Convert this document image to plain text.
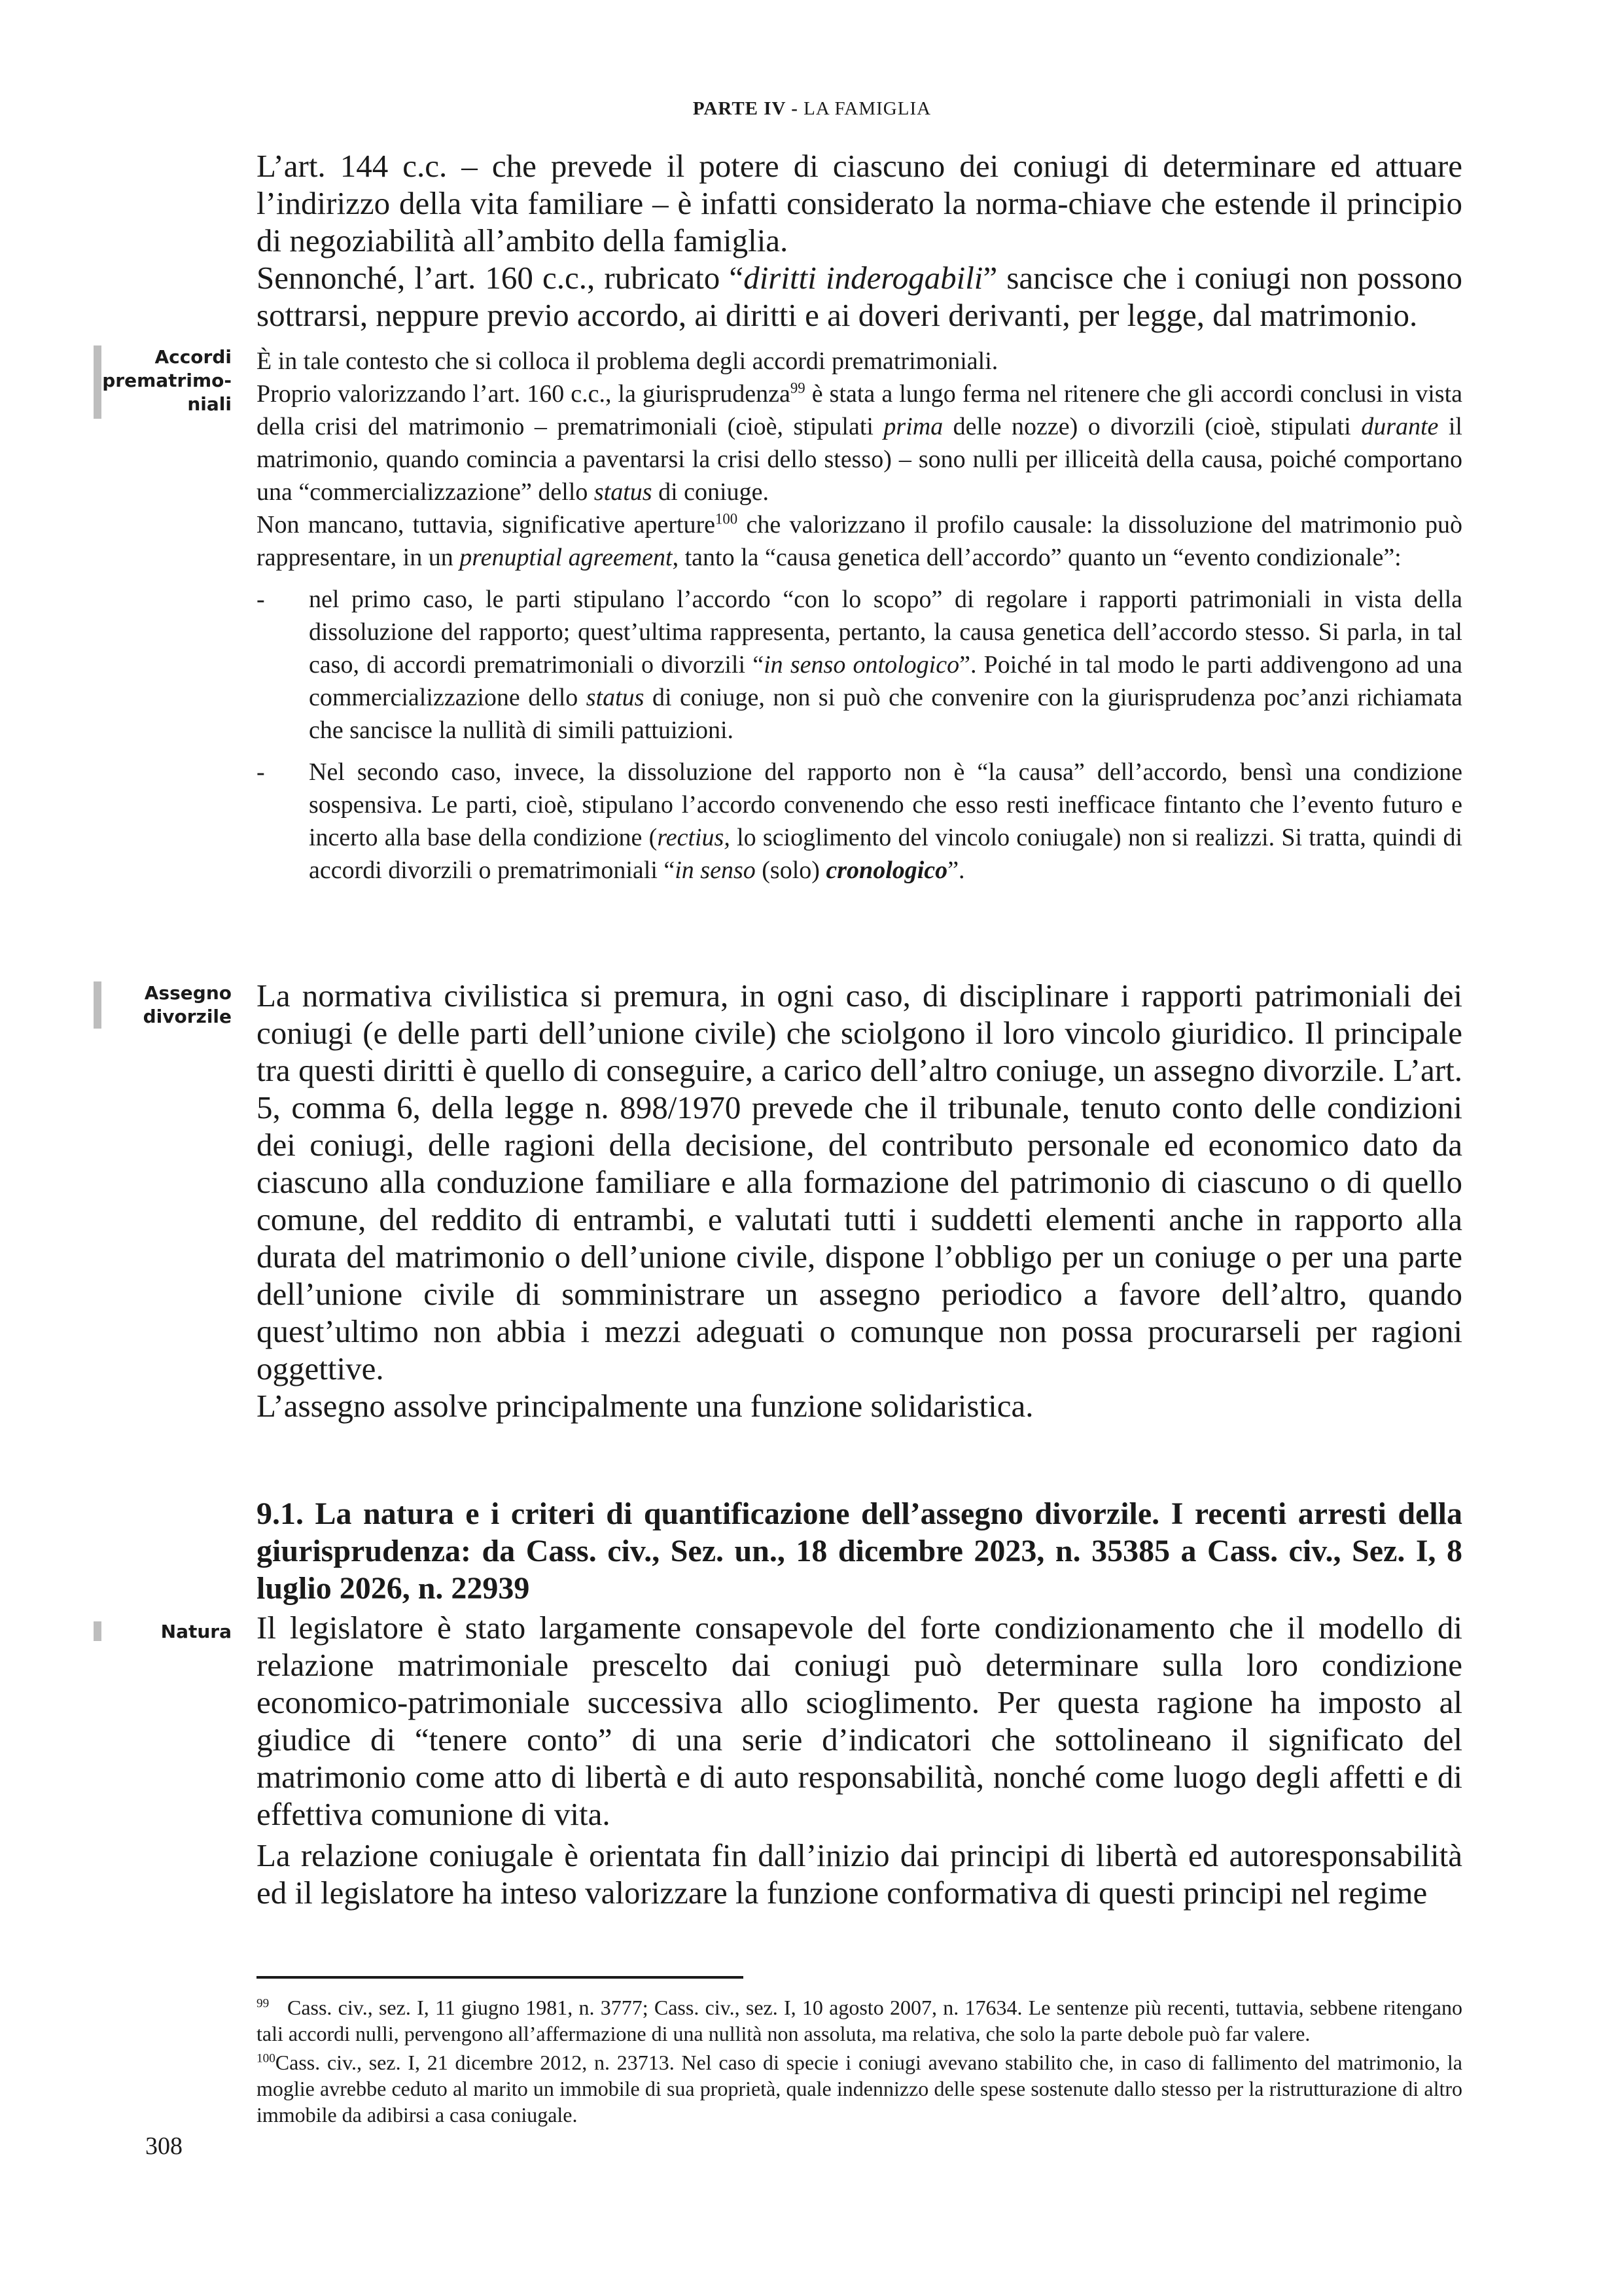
PARTE IV - LA FAMIGLIA

L’art. 144 c.c. – che prevede il potere di ciascuno dei coniugi di determinare ed attuare l’indirizzo della vita familiare – è infatti considerato la norma-chiave che estende il principio di negoziabilità all’ambito della famiglia.

Sennonché, l’art. 160 c.c., rubricato “diritti inderogabili” sancisce che i coniugi non possono sottrarsi, neppure previo accordo, ai diritti e ai doveri derivanti, per legge, dal matrimonio.

Accordi
prematrimo-
niali

È in tale contesto che si colloca il problema degli accordi prematrimoniali.

Proprio valorizzando l’art. 160 c.c., la giurisprudenza$^{99}$ è stata a lungo ferma nel ritenere che gli accordi conclusi in vista della crisi del matrimonio – prematrimoniali (cioè, stipulati prima delle nozze) o divorzili (cioè, stipulati durante il matrimonio, quando comincia a paventarsi la crisi dello stesso) – sono nulli per illiceità della causa, poiché comportano una “commercializzazione” dello status di coniuge.

Non mancano, tuttavia, significative aperture$^{100}$ che valorizzano il profilo causale: la dissoluzione del matrimonio può rappresentare, in un prenuptial agreement, tanto la “causa genetica dell’accordo” quanto un “evento condizionale”:

- nel primo caso, le parti stipulano l’accordo “con lo scopo” di regolare i rapporti patrimoniali in vista della dissoluzione del rapporto; quest’ultima rappresenta, pertanto, la causa genetica dell’accordo stesso. Si parla, in tal caso, di accordi prematrimoniali o divorzili “in senso ontologico”. Poiché in tal modo le parti addivengono ad una commercializzazione dello status di coniuge, non si può che convenire con la giurisprudenza poc’anzi richiamata che sancisce la nullità di simili pattuizioni.
- Nel secondo caso, invece, la dissoluzione del rapporto non è “la causa” dell’accordo, bensì una condizione sospensiva. Le parti, cioè, stipulano l’accordo convenendo che esso resti inefficace fintanto che l’evento futuro e incerto alla base della condizione (rectius, lo scioglimento del vincolo coniugale) non si realizzi. Si tratta, quindi di accordi divorzili o prematrimoniali “in senso (solo) cronologico”.
Assegno
divorzile

La normativa civilistica si premura, in ogni caso, di disciplinare i rapporti patrimoniali dei coniugi (e delle parti dell’unione civile) che sciolgono il loro vincolo giuridico. Il principale tra questi diritti è quello di conseguire, a carico dell’altro coniuge, un assegno divorzile. L’art. 5, comma 6, della legge n. 898/1970 prevede che il tribunale, tenuto conto delle condizioni dei coniugi, delle ragioni della decisione, del contributo personale ed economico dato da ciascuno alla conduzione familiare e alla formazione del patrimonio di ciascuno o di quello comune, del reddito di entrambi, e valutati tutti i suddetti elementi anche in rapporto alla durata del matrimonio o dell’unione civile, dispone l’obbligo per un coniuge o per una parte dell’unione civile di somministrare un assegno periodico a favore dell’altro, quando quest’ultimo non abbia i mezzi adeguati o comunque non possa procurarseli per ragioni oggettive.

L’assegno assolve principalmente una funzione solidaristica.

9.1. La natura e i criteri di quantificazione dell’assegno divorzile. I recenti arresti della giurisprudenza: da Cass. civ., Sez. un., 18 dicembre 2023, n. 35385 a Cass. civ., Sez. I, 8 luglio 2026, n. 22939
Natura Il legislatore è stato largamente consapevole del forte condizionamento che il modello di relazione matrimoniale prescelto dai coniugi può determinare sulla loro condizione economico-patrimoniale successiva allo scioglimento. Per questa ragione ha imposto al giudice di “tenere conto” di una serie d’indicatori che sottolineano il significato del matrimonio come atto di libertà e di auto responsabilità, nonché come luogo degli affetti e di effettiva comunione di vita.

La relazione coniugale è orientata fin dall’inizio dai principi di libertà ed autoresponsabilità ed il legislatore ha inteso valorizzare la funzione conformativa di questi principi nel regime

$^{99}$ Cass. civ., sez. I, 11 giugno 1981, n. 3777; Cass. civ., sez. I, 10 agosto 2007, n. 17634. Le sentenze più recenti, tuttavia, sebbene ritengano tali accordi nulli, pervengono all’affermazione di una nullità non assoluta, ma relativa, che solo la parte debole può far valere.

$^{100}$Cass. civ., sez. I, 21 dicembre 2012, n. 23713. Nel caso di specie i coniugi avevano stabilito che, in caso di fallimento del matrimonio, la moglie avrebbe ceduto al marito un immobile di sua proprietà, quale indennizzo delle spese sostenute dallo stesso per la ristrutturazione di altro immobile da adibirsi a casa coniugale.

308
